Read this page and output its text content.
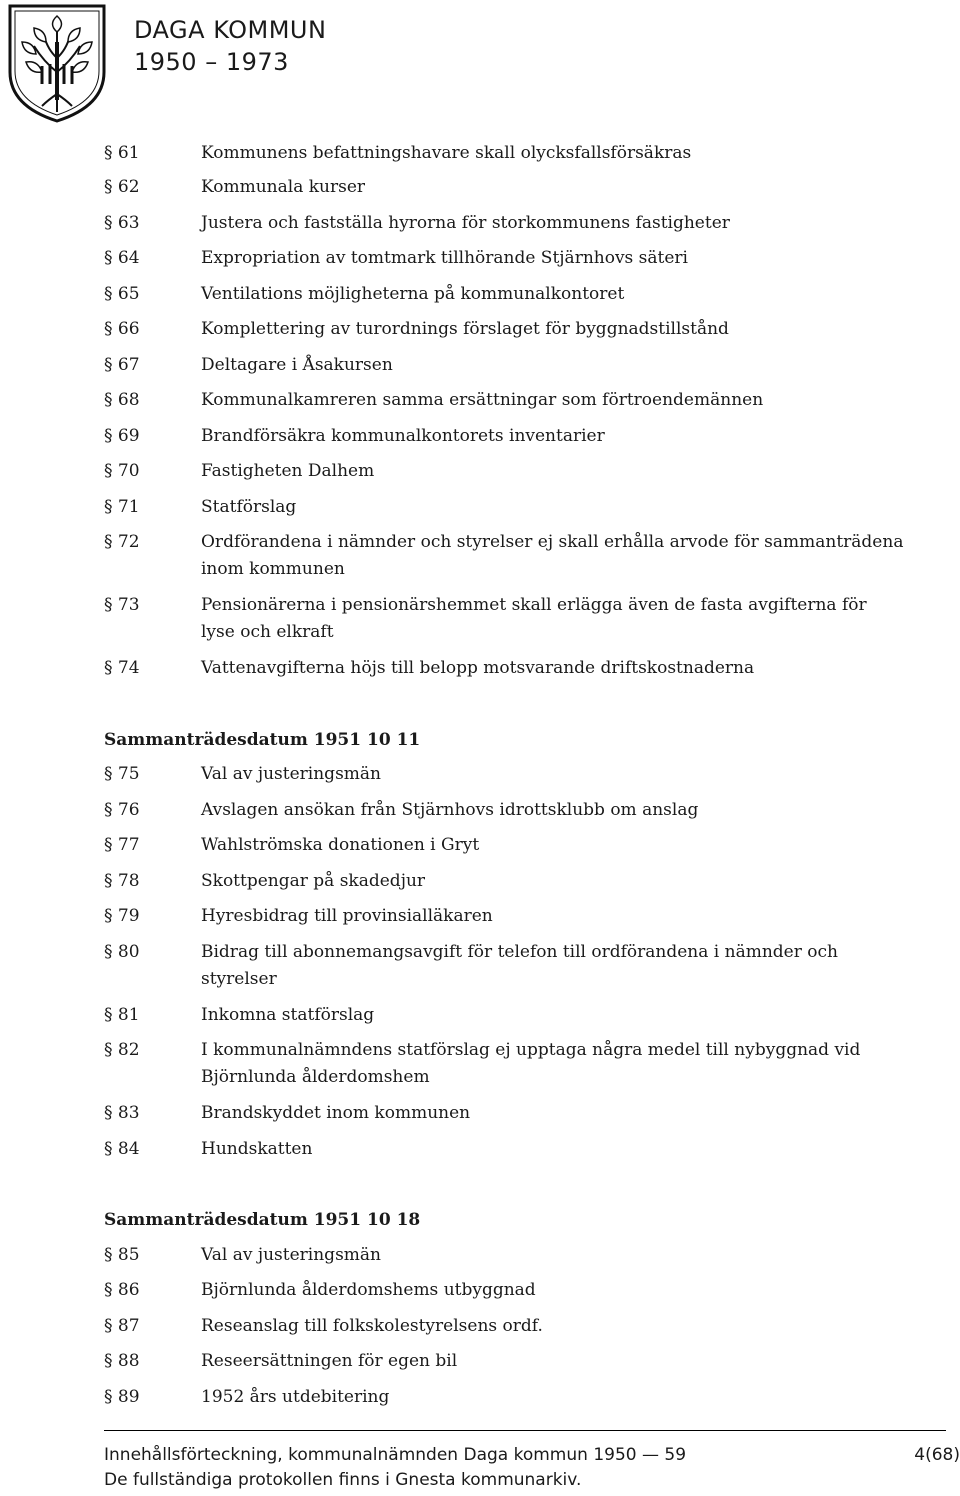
DAGA KOMMUN
1950 – 1973
§ 61	Kommunens befattningshavare skall olycksfallsförsäkras
§ 62	Kommunala kurser
§ 63	Justera och fastställa hyrorna för storkommunens fastigheter
§ 64	Expropriation av tomtmark tillhörande Stjärnhovs säteri
§ 65	Ventilations möjligheterna på kommunalkontoret
§ 66	Komplettering av turordnings förslaget för byggnadstillstånd
§ 67	Deltagare i Åsakursen
§ 68	Kommunalkamreren samma ersättningar som förtroendemännen
§ 69	Brandförsäkra kommunalkontorets inventarier
§ 70	Fastigheten Dalhem
§ 71	Statförslag
§ 72	Ordförandena i nämnder och styrelser ej skall erhålla arvode för sammanträdena inom kommunen
§ 73	Pensionärerna i pensionärshemmet skall erlägga även de fasta avgifterna för lyse och elkraft
§ 74	Vattenavgifterna höjs till belopp motsvarande driftskostnaderna
Sammanträdesdatum 1951 10 11
§ 75	Val av justeringsmän
§ 76	Avslagen ansökan från Stjärnhovs idrottsklubb om anslag
§ 77	Wahlströmska donationen i Gryt
§ 78	Skottpengar på skadedjur
§ 79	Hyresbidrag till provinsialläkaren
§ 80	Bidrag till abonnemangsavgift för telefon till ordförandena i nämnder och styrelser
§ 81	Inkomna statförslag
§ 82	I kommunalnämndens statförslag ej upptaga några medel till nybyggnad vid Björnlunda ålderdomshem
§ 83	Brandskyddet inom kommunen
§ 84	Hundskatten
Sammanträdesdatum 1951 10 18
§ 85	Val av justeringsmän
§ 86	Björnlunda ålderdomshems utbyggnad
§ 87	Reseanslag till folkskolestyrelsens ordf.
§ 88	Reseersättningen för egen bil
§ 89	1952 års utdebitering
Innehållsförteckning, kommunalnämnden Daga kommun 1950 — 59
De fullständiga protokollen finns i Gnesta kommunarkiv.
4(68)
